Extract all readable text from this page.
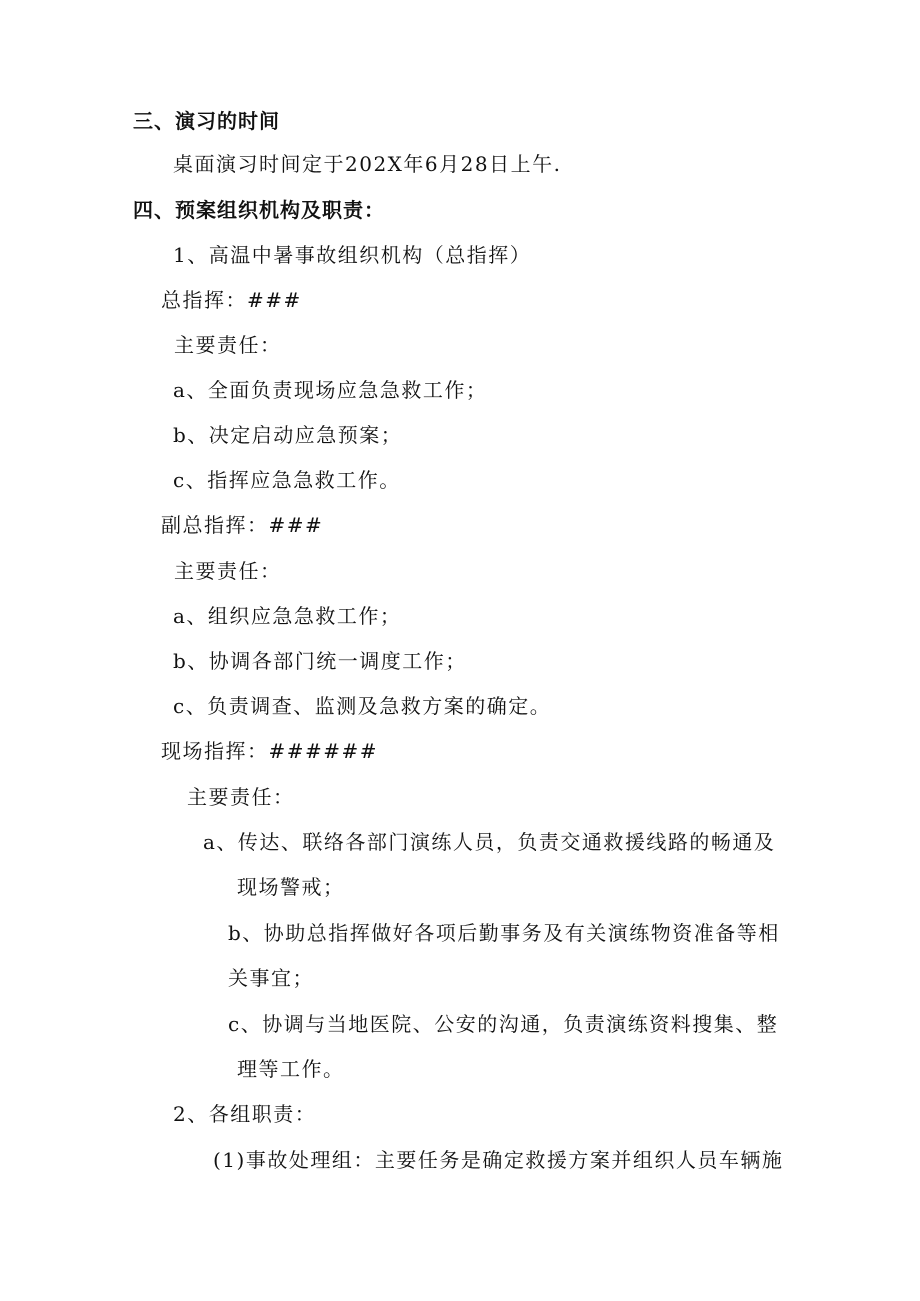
三、演习的时间
桌面演习时间定于202X年6月28日上午.
四、预案组织机构及职责：
1、高温中暑事故组织机构（总指挥）
总指挥：###
主要责任：
a、全面负责现场应急急救工作；
b、决定启动应急预案；
c、指挥应急急救工作。
副总指挥：###
主要责任：
a、组织应急急救工作；
b、协调各部门统一调度工作；
c、负责调查、监测及急救方案的确定。
现场指挥：######
主要责任：
a、传达、联络各部门演练人员，负责交通救援线路的畅通及
现场警戒；
b、协助总指挥做好各项后勤事务及有关演练物资准备等相
关事宜；
c、协调与当地医院、公安的沟通，负责演练资料搜集、整
理等工作。
2、各组职责：
(1)事故处理组：主要任务是确定救援方案并组织人员车辆施
